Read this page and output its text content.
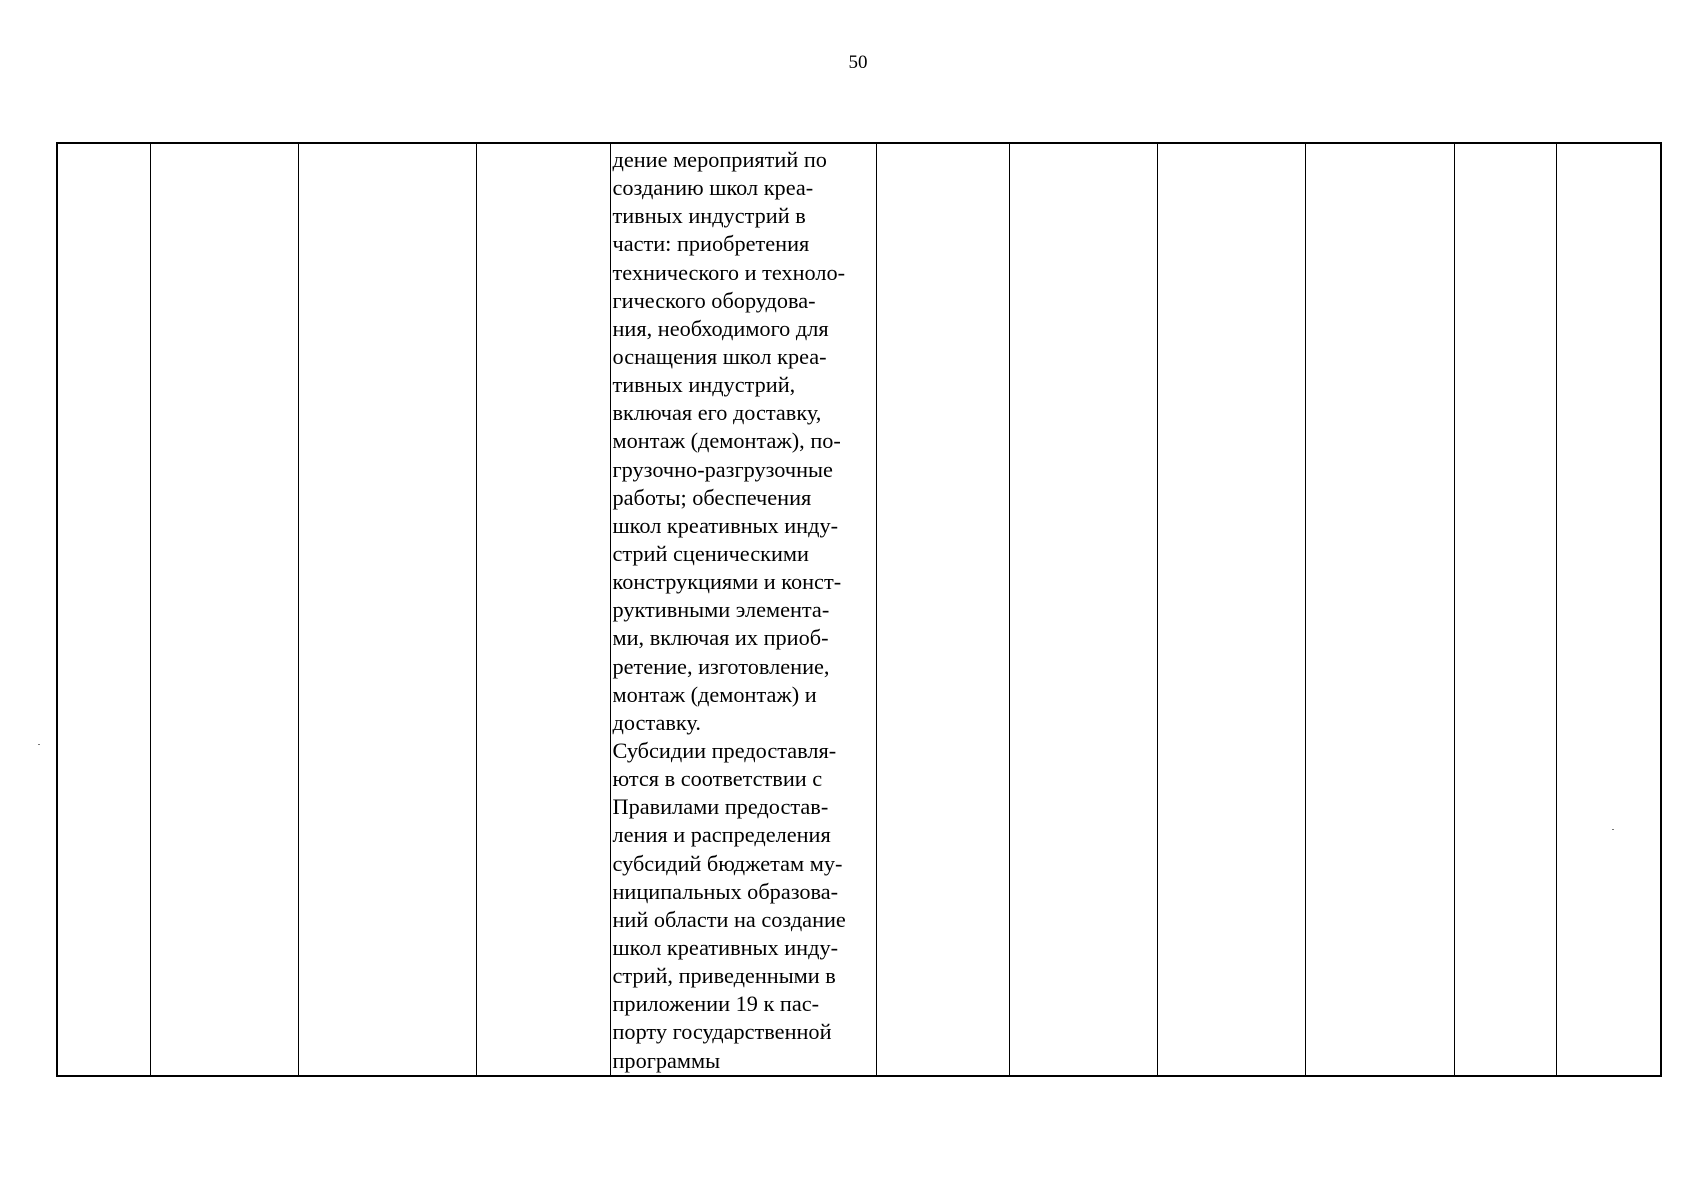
50

дение мероприятий по
созданию школ креа-
тивных индустрий в
части: приобретения
технического и техноло-
гического оборудова-
ния, необходимого для
оснащения школ креа-
тивных индустрий,
включая его доставку,
монтаж (демонтаж), по-
грузочно-разгрузочные
работы; обеспечения
школ креативных инду-
стрий сценическими
конструкциями и конст-
руктивными элемента-
ми, включая их приоб-
ретение, изготовление,
монтаж (демонтаж) и
доставку.
Субсидии предоставля-
ются в соответствии с
Правилами предостав-
ления и распределения
субсидий бюджетам му-
ниципальных образова-
ний области на создание
школ креативных инду-
стрий, приведенными в
приложении 19 к пас-
порту государственной
программы
